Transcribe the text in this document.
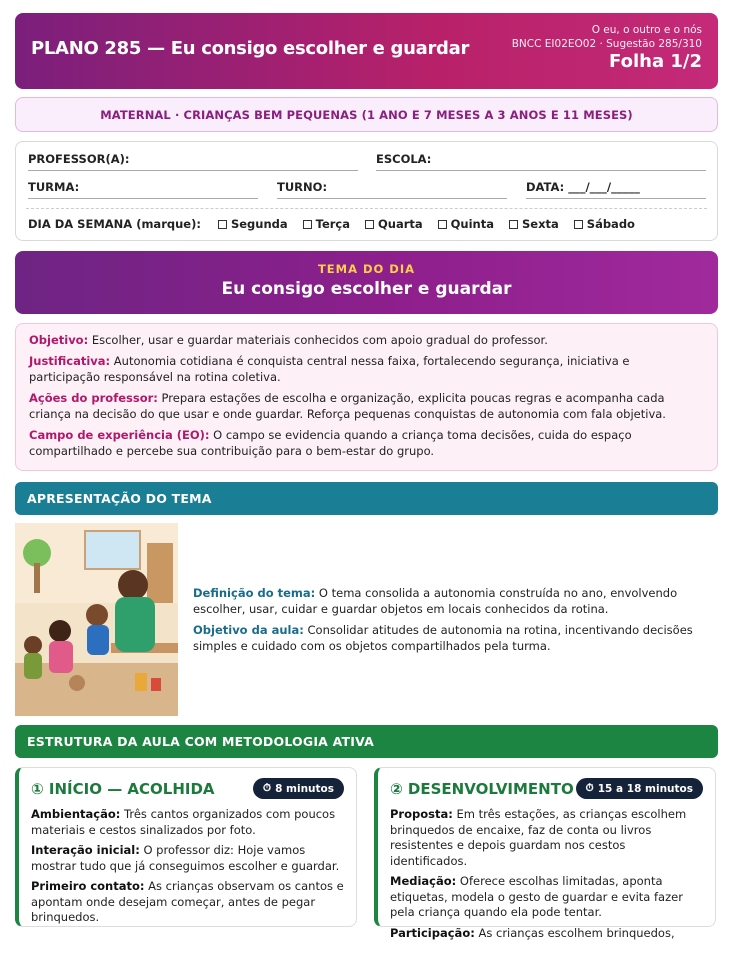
PLANO 285 — Eu consigo escolher e guardar
O eu, o outro e o nós
BNCC EI02EO02 · Sugestão 285/310
Folha 1/2
MATERNAL · CRIANÇAS BEM PEQUENAS (1 ANO E 7 MESES A 3 ANOS E 11 MESES)
PROFESSOR(A):	ESCOLA:
TURMA:	TURNO:	DATA: ___/___/_____
DIA DA SEMANA (marque):	Segunda Terça Quarta Quinta Sexta Sábado
TEMA DO DIA
Eu consigo escolher e guardar

Objetivo: Escolher, usar e guardar materiais conhecidos com apoio gradual do professor.

Justificativa: Autonomia cotidiana é conquista central nessa faixa, fortalecendo segurança, iniciativa e participação responsável na rotina coletiva.

Ações do professor: Prepara estações de escolha e organização, explicita poucas regras e acompanha cada criança na decisão do que usar e onde guardar. Reforça pequenas conquistas de autonomia com fala objetiva.

Campo de experiência (EO): O campo se evidencia quando a criança toma decisões, cuida do espaço compartilhado e percebe sua contribuição para o bem-estar do grupo.

APRESENTAÇÃO DO TEMA

Definição do tema: O tema consolida a autonomia construída no ano, envolvendo escolher, usar, cuidar e guardar objetos em locais conhecidos da rotina.

Objetivo da aula: Consolidar atitudes de autonomia na rotina, incentivando decisões simples e cuidado com os objetos compartilhados pela turma.

ESTRUTURA DA AULA COM METODOLOGIA ATIVA
① INÍCIO — ACOLHIDA	⏱ 8 minutos

Ambientação: Três cantos organizados com poucos materiais e cestos sinalizados por foto.

Interação inicial: O professor diz: Hoje vamos mostrar tudo que já conseguimos escolher e guardar.

Primeiro contato: As crianças observam os cantos e apontam onde desejam começar, antes de pegar brinquedos.

② DESENVOLVIMENTO ⏱ 15 a 18 minutos

Proposta: Em três estações, as crianças escolhem brinquedos de encaixe, faz de conta ou livros resistentes e depois guardam nos cestos identificados.

Mediação: Oferece escolhas limitadas, aponta etiquetas, modela o gesto de guardar e evita fazer pela criança quando ela pode tentar.

Participação: As crianças escolhem brinquedos,
